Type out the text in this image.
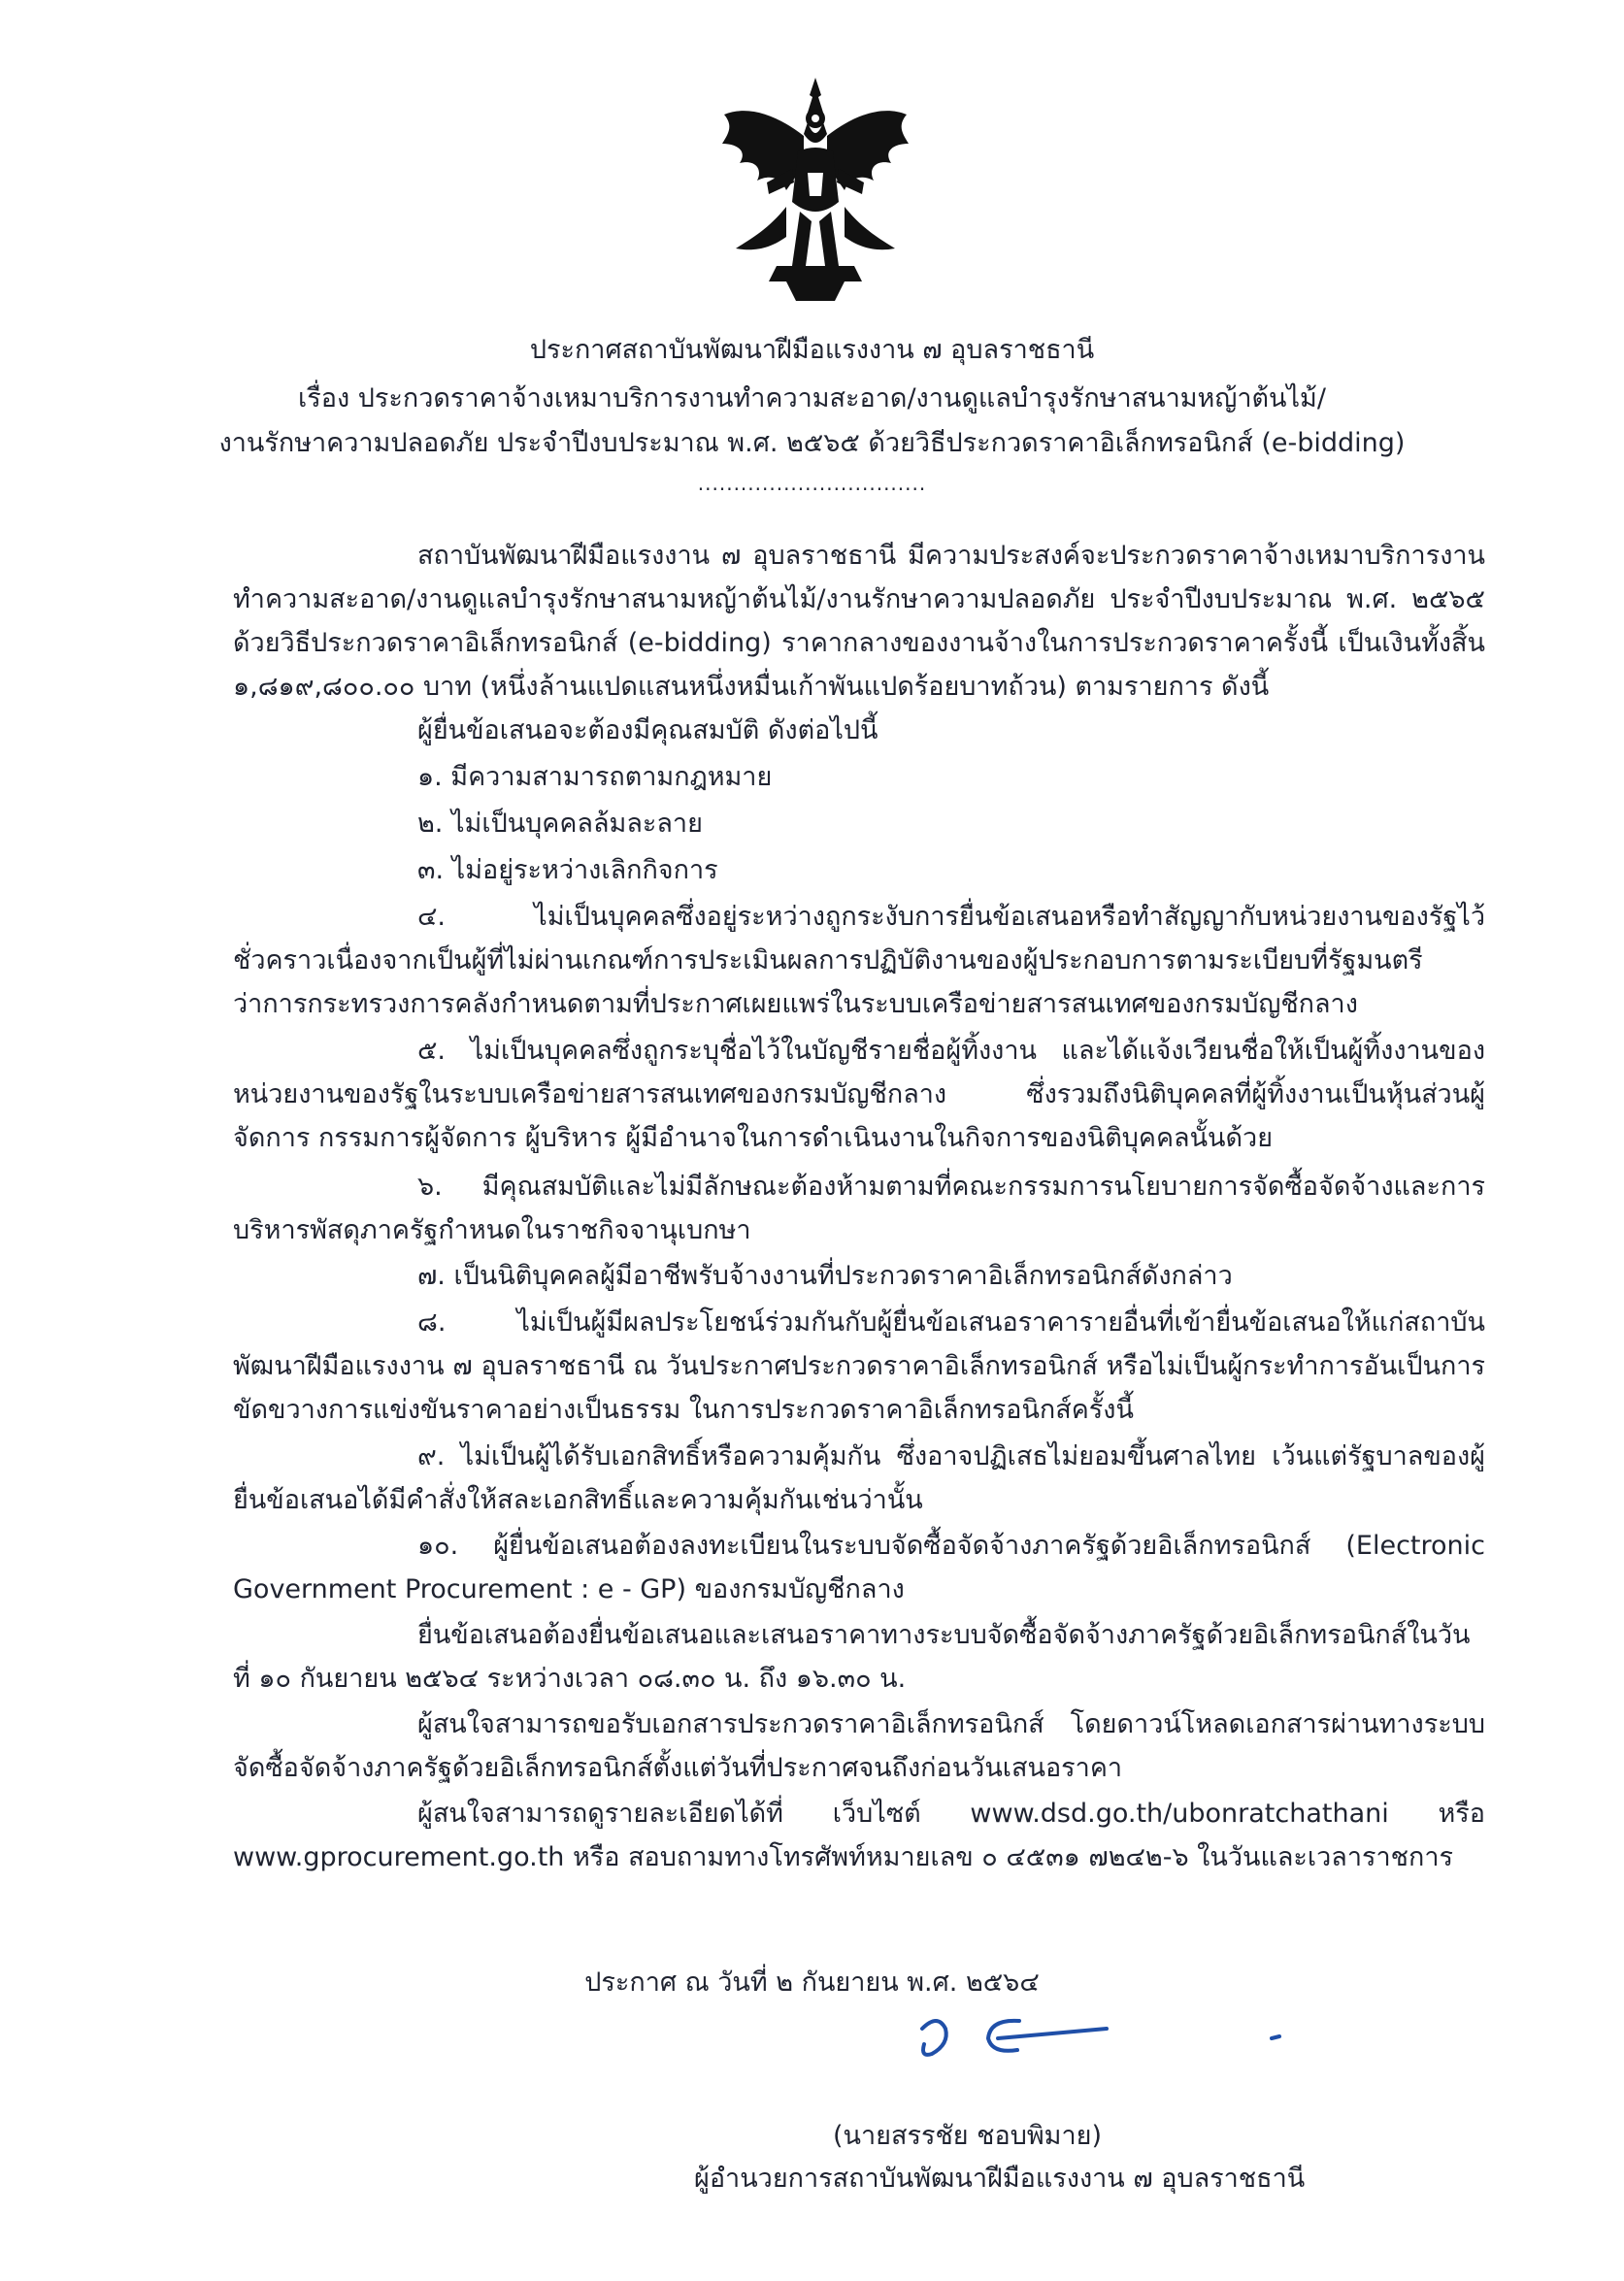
ประกาศสถาบันพัฒนาฝีมือแรงงาน ๗ อุบลราชธานี
เรื่อง ประกวดราคาจ้างเหมาบริการงานทำความสะอาด/งานดูแลบำรุงรักษาสนามหญ้าต้นไม้/
งานรักษาความปลอดภัย ประจำปีงบประมาณ พ.ศ. ๒๕๖๕ ด้วยวิธีประกวดราคาอิเล็กทรอนิกส์ (e-bidding)
................................
สถาบันพัฒนาฝีมือแรงงาน ๗ อุบลราชธานี มีความประสงค์จะประกวดราคาจ้างเหมาบริการงานทำความสะอาด/งานดูแลบำรุงรักษาสนามหญ้าต้นไม้/งานรักษาความปลอดภัย ประจำปีงบประมาณ พ.ศ. ๒๕๖๕ ด้วยวิธีประกวดราคาอิเล็กทรอนิกส์ (e-bidding) ราคากลางของงานจ้างในการประกวดราคาครั้งนี้ เป็นเงินทั้งสิ้น ๑,๘๑๙,๘๐๐.๐๐ บาท (หนึ่งล้านแปดแสนหนึ่งหมื่นเก้าพันแปดร้อยบาทถ้วน) ตามรายการ ดังนี้
ผู้ยื่นข้อเสนอจะต้องมีคุณสมบัติ ดังต่อไปนี้
๑. มีความสามารถตามกฎหมาย
๒. ไม่เป็นบุคคลล้มละลาย
๓. ไม่อยู่ระหว่างเลิกกิจการ
๔. ไม่เป็นบุคคลซึ่งอยู่ระหว่างถูกระงับการยื่นข้อเสนอหรือทำสัญญากับหน่วยงานของรัฐไว้ชั่วคราวเนื่องจากเป็นผู้ที่ไม่ผ่านเกณฑ์การประเมินผลการปฏิบัติงานของผู้ประกอบการตามระเบียบที่รัฐมนตรีว่าการกระทรวงการคลังกำหนดตามที่ประกาศเผยแพร่ในระบบเครือข่ายสารสนเทศของกรมบัญชีกลาง
๕. ไม่เป็นบุคคลซึ่งถูกระบุชื่อไว้ในบัญชีรายชื่อผู้ทิ้งงาน และได้แจ้งเวียนชื่อให้เป็นผู้ทิ้งงานของหน่วยงานของรัฐในระบบเครือข่ายสารสนเทศของกรมบัญชีกลาง ซึ่งรวมถึงนิติบุคคลที่ผู้ทิ้งงานเป็นหุ้นส่วนผู้จัดการ กรรมการผู้จัดการ ผู้บริหาร ผู้มีอำนาจในการดำเนินงานในกิจการของนิติบุคคลนั้นด้วย
๖. มีคุณสมบัติและไม่มีลักษณะต้องห้ามตามที่คณะกรรมการนโยบายการจัดซื้อจัดจ้างและการบริหารพัสดุภาครัฐกำหนดในราชกิจจานุเบกษา
๗. เป็นนิติบุคคลผู้มีอาชีพรับจ้างงานที่ประกวดราคาอิเล็กทรอนิกส์ดังกล่าว
๘. ไม่เป็นผู้มีผลประโยชน์ร่วมกันกับผู้ยื่นข้อเสนอราคารายอื่นที่เข้ายื่นข้อเสนอให้แก่สถาบันพัฒนาฝีมือแรงงาน ๗ อุบลราชธานี ณ วันประกาศประกวดราคาอิเล็กทรอนิกส์ หรือไม่เป็นผู้กระทำการอันเป็นการขัดขวางการแข่งขันราคาอย่างเป็นธรรม ในการประกวดราคาอิเล็กทรอนิกส์ครั้งนี้
๙. ไม่เป็นผู้ได้รับเอกสิทธิ์หรือความคุ้มกัน ซึ่งอาจปฏิเสธไม่ยอมขึ้นศาลไทย เว้นแต่รัฐบาลของผู้ยื่นข้อเสนอได้มีคำสั่งให้สละเอกสิทธิ์และความคุ้มกันเช่นว่านั้น
๑๐. ผู้ยื่นข้อเสนอต้องลงทะเบียนในระบบจัดซื้อจัดจ้างภาครัฐด้วยอิเล็กทรอนิกส์ (Electronic Government Procurement : e - GP) ของกรมบัญชีกลาง
ยื่นข้อเสนอต้องยื่นข้อเสนอและเสนอราคาทางระบบจัดซื้อจัดจ้างภาครัฐด้วยอิเล็กทรอนิกส์ในวันที่ ๑๐ กันยายน ๒๕๖๔ ระหว่างเวลา ๐๘.๓๐ น. ถึง ๑๖.๓๐ น.
ผู้สนใจสามารถขอรับเอกสารประกวดราคาอิเล็กทรอนิกส์ โดยดาวน์โหลดเอกสารผ่านทางระบบจัดซื้อจัดจ้างภาครัฐด้วยอิเล็กทรอนิกส์ตั้งแต่วันที่ประกาศจนถึงก่อนวันเสนอราคา
ผู้สนใจสามารถดูรายละเอียดได้ที่ เว็บไซต์ www.dsd.go.th/ubonratchathani หรือ www.gprocurement.go.th หรือ สอบถามทางโทรศัพท์หมายเลข ๐ ๔๕๓๑ ๗๒๔๒-๖ ในวันและเวลาราชการ
ประกาศ ณ วันที่ ๒ กันยายน พ.ศ. ๒๕๖๔
(นายสรรชัย ชอบพิมาย)
ผู้อำนวยการสถาบันพัฒนาฝีมือแรงงาน ๗ อุบลราชธานี
